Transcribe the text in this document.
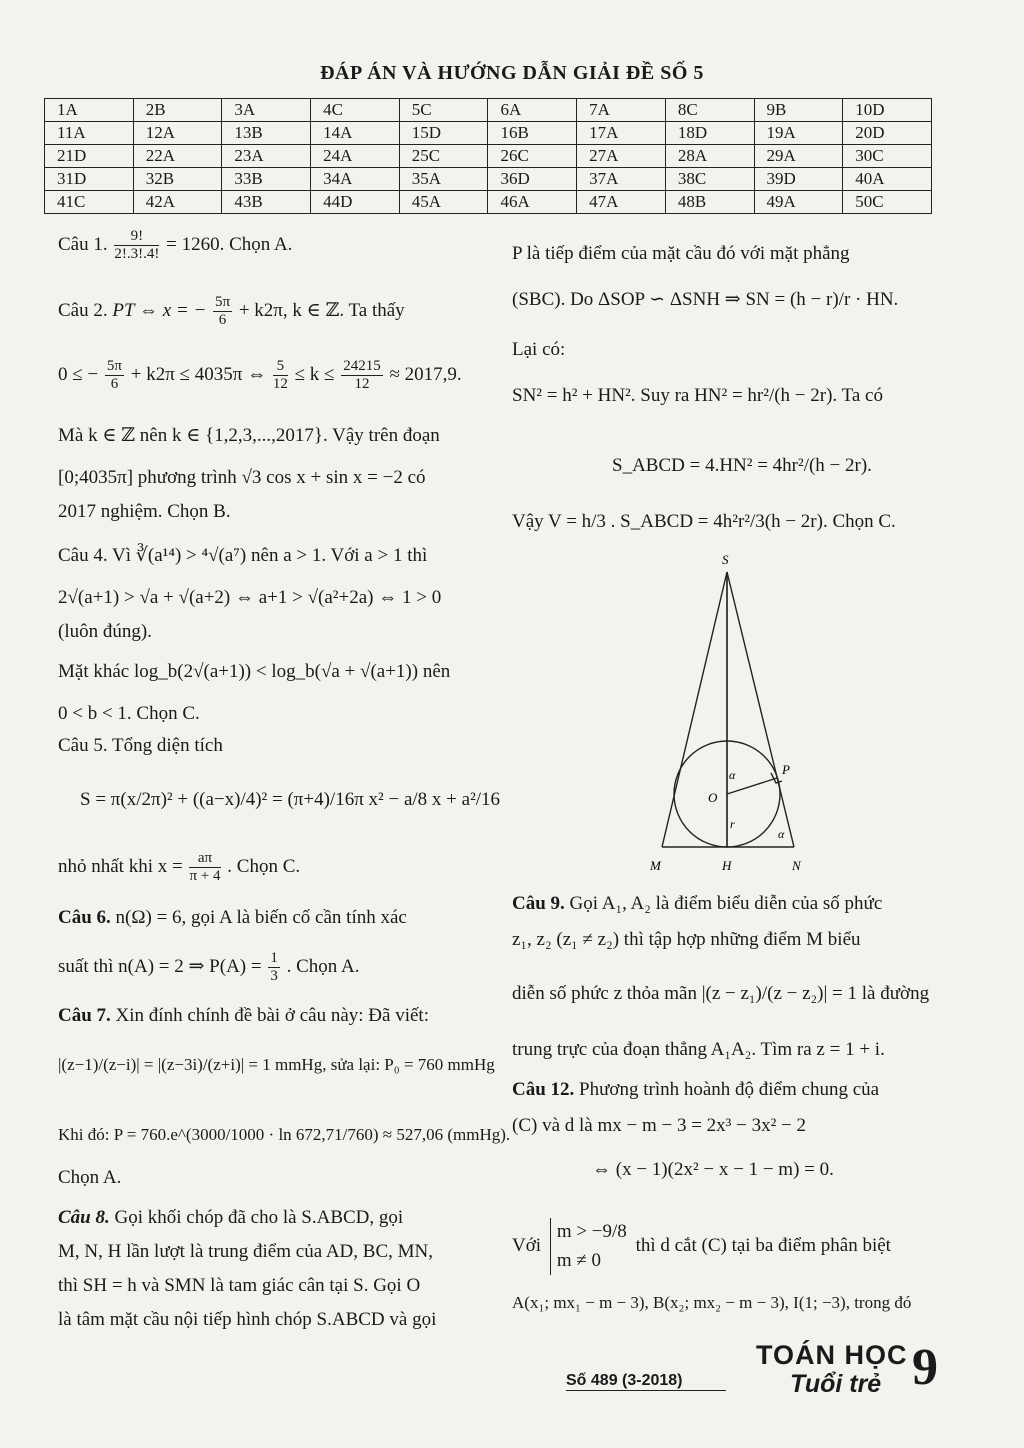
ĐÁP ÁN VÀ HƯỚNG DẪN GIẢI ĐỀ SỐ 5
1A	2B	3A	4C	5C	6A	7A	8C	9B	10D
11A	12A	13B	14A	15D	16B	17A	18D	19A	20D
21D	22A	23A	24A	25C	26C	27A	28A	29A	30C
31D	32B	33B	34A	35A	36D	37A	38C	39D	40A
41C	42A	43B	44D	45A	46A	47A	48B	49A	50C
Câu 1. $\frac{9!}{2!.3!.4!} = 1260$. Chọn A.
Câu 2. PT ⇔ x = − $\frac{5\pi}{6} + k2\pi$, k ∈ ℤ. Ta thấy
0 ≤ − $\frac{5\pi}{6} + k2\pi \le 4035\pi$ ⇔ $\frac{5}{12} \le k \le \frac{24215}{12} \approx 2017,9$.
Mà k ∈ ℤ nên k ∈ {1,2,3,...,2017}. Vậy trên đoạn
[0;4035π] phương trình √3 cos x + sin x = −2 có
2017 nghiệm. Chọn B.
Câu 4. Vì ∛(a¹⁴) > ⁴√(a⁷) nên a > 1. Với a > 1 thì
2√(a+1) > √a + √(a+2) ⇔ a+1 > √(a²+2a) ⇔ 1 > 0
(luôn đúng).
Mặt khác log_b(2√(a+1)) < log_b(√a + √(a+1)) nên
0 < b < 1. Chọn C.
Câu 5. Tổng diện tích
S = π(x/2π)² + ((a−x)/4)² = (π+4)/16π x² − a/8 x + a²/16
nhỏ nhất khi $x = \frac{a\pi}{\pi + 4}$ . Chọn C.
Câu 6. n(Ω) = 6, gọi A là biến cố cần tính xác
suất thì n(A) = 2 ⇒ $P(A) = \frac{1}{3}$ . Chọn A.
Câu 7. Xin đính chính đề bài ở câu này: Đã viết:
|(z−1)/(z−i)| = |(z−3i)/(z+i)| = 1 mmHg, sửa lại: P₀ = 760 mmHg
Khi đó: P = 760.e^(3000/1000 · ln 672,71/760) ≈ 527,06 (mmHg).
Chọn A.
Câu 8. Gọi khối chóp đã cho là S.ABCD, gọi
M, N, H lần lượt là trung điểm của AD, BC, MN,
thì SH = h và SMN là tam giác cân tại S. Gọi O
là tâm mặt cầu nội tiếp hình chóp S.ABCD và gọi
P là tiếp điểm của mặt cầu đó với mặt phẳng
(SBC). Do ΔSOP ∽ ΔSNH ⇒ SN = (h − r)/r · HN.
Lại có:
SN² = h² + HN². Suy ra HN² = hr²/(h − 2r). Ta có
S_ABCD = 4.HN² = 4hr²/(h − 2r).
Vậy V = h/3 . S_ABCD = 4h²r²/3(h − 2r). Chọn C.
S
O
P
α
α
r
M	H	N
Câu 9. Gọi A₁, A₂ là điểm biểu diễn của số phức
z₁, z₂ (z₁ ≠ z₂) thì tập hợp những điểm M biểu
diễn số phức z thỏa mãn |(z − z₁)/(z − z₂)| = 1 là đường
trung trực của đoạn thẳng A₁A₂. Tìm ra z = 1 + i.
Câu 12. Phương trình hoành độ điểm chung của
(C) và d là mx − m − 3 = 2x³ − 3x² − 2
⇔ (x − 1)(2x² − x − 1 − m) = 0.
Với
m > −9/8
m ≠ 0
thì d cắt (C) tại ba điểm phân biệt
A(x₁; mx₁ − m − 3), B(x₂; mx₂ − m − 3), I(1; −3), trong đó
Số 489 (3-2018)
TOÁN HỌC
Tuổi trẻ 9
